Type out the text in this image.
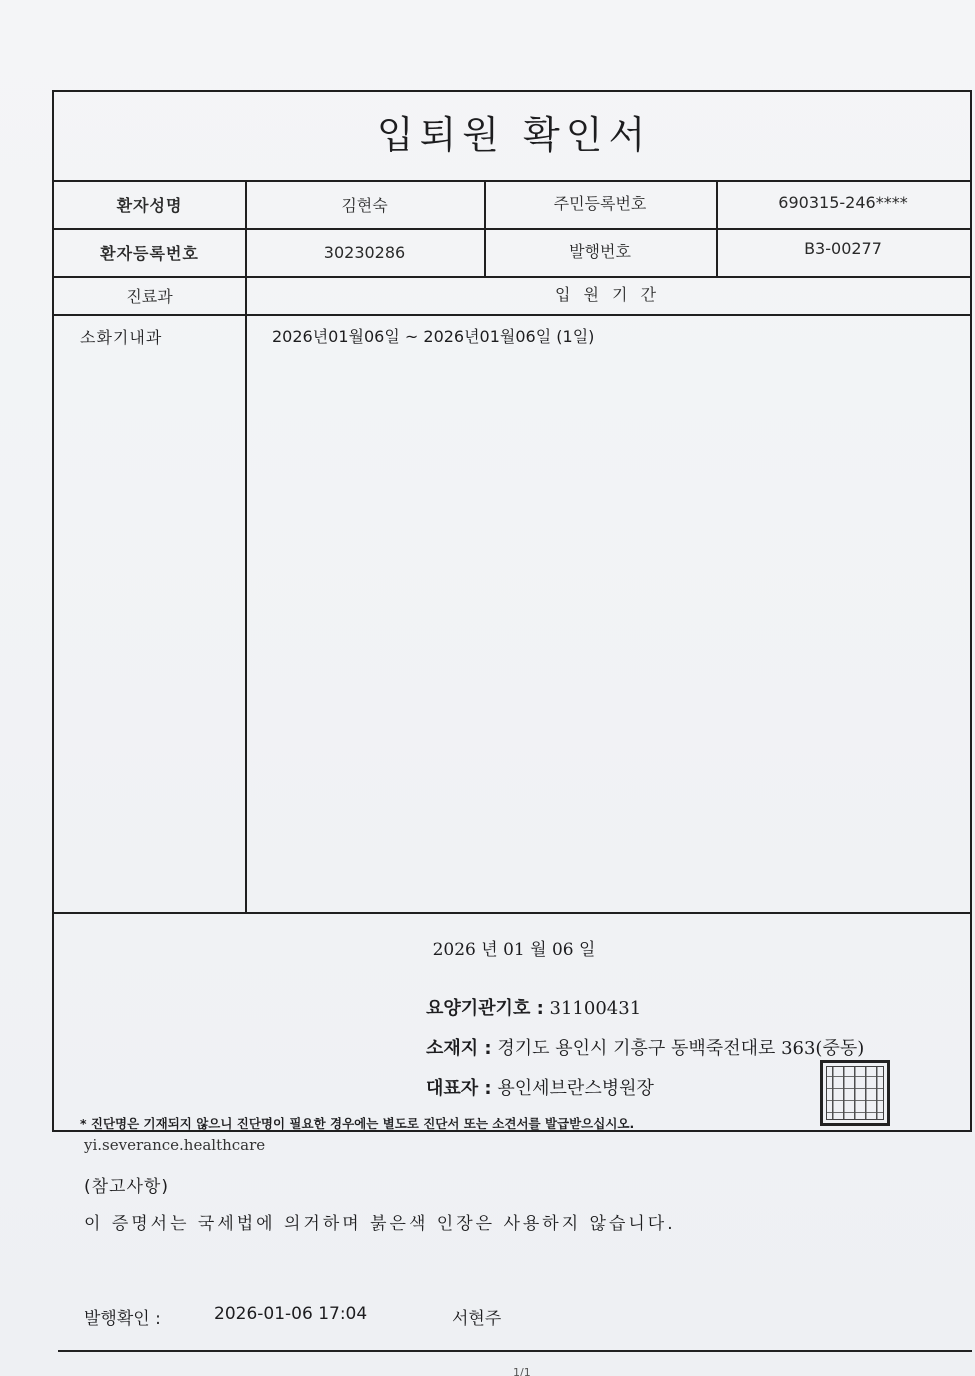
입퇴원 확인서
환자성명	김현숙	주민등록번호	690315-246****
환자등록번호	30230286	발행번호	B3-00277
진료과	입 원 기 간
소화기내과	2026년01월06일 ~ 2026년01월06일 (1일)
2026 년 01 월 06 일
요양기관기호 : 31100431
소재지 : 경기도 용인시 기흥구 동백죽전대로 363(중동)
대표자 : 용인세브란스병원장
* 진단명은 기재되지 않으니 진단명이 필요한 경우에는 별도로 진단서 또는 소견서를 발급받으십시오.
yi.severance.healthcare
(참고사항)
이 증명서는 국세법에 의거하며 붉은색 인장은 사용하지 않습니다.
발행확인 :	2026-01-06 17:04	서현주
1/1
